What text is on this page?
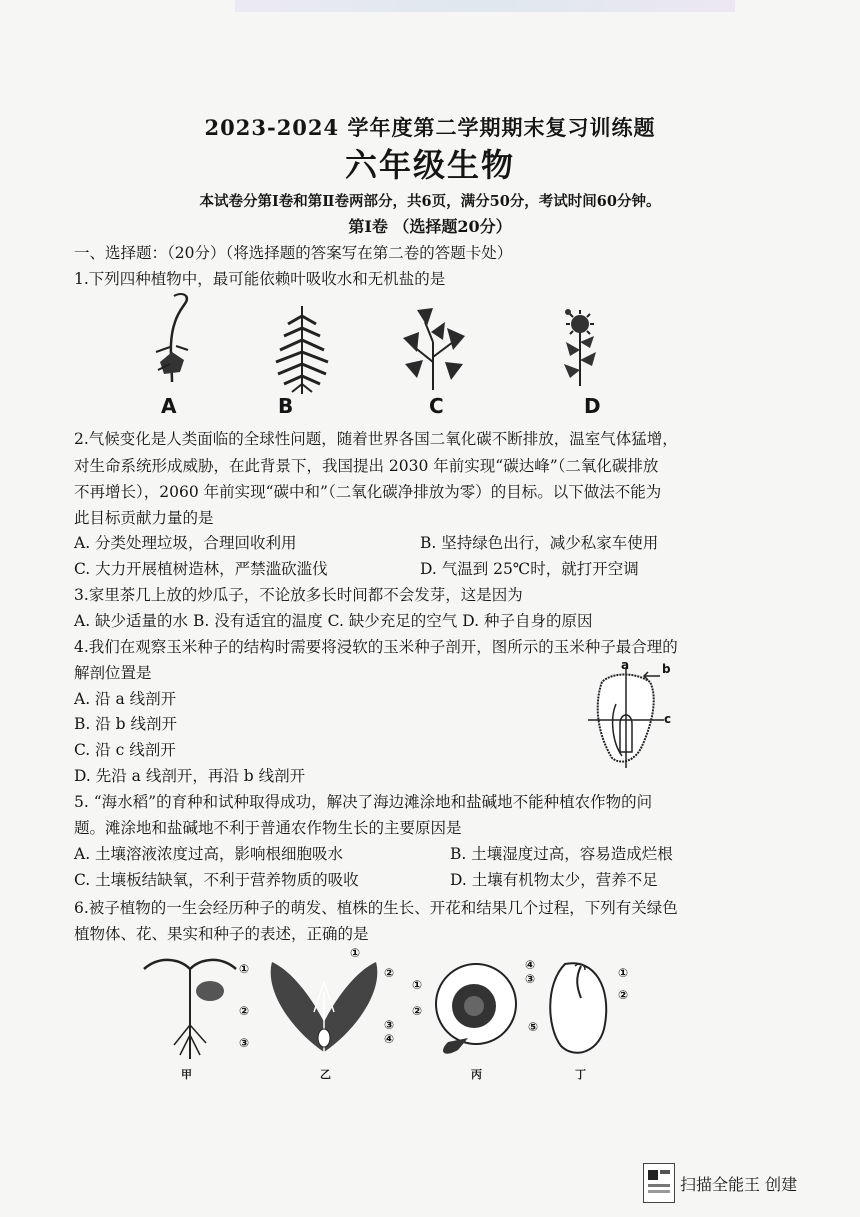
2023-2024 学年度第二学期期末复习训练题
六年级生物
本试卷分第Ⅰ卷和第Ⅱ卷两部分，共6页，满分50分，考试时间60分钟。
第Ⅰ卷 （选择题20分）
一、选择题：（20分）（将选择题的答案写在第二卷的答题卡处）
1.下列四种植物中，最可能依赖叶吸收水和无机盐的是
A	B	C	D
2.气候变化是人类面临的全球性问题，随着世界各国二氧化碳不断排放，温室气体猛增，
对生命系统形成威胁，在此背景下，我国提出 2030 年前实现“碳达峰”（二氧化碳排放
不再增长），2060 年前实现“碳中和”（二氧化碳净排放为零）的目标。以下做法不能为
此目标贡献力量的是
A. 分类处理垃圾，合理回收利用	B. 坚持绿色出行，减少私家车使用
C. 大力开展植树造林，严禁滥砍滥伐	D. 气温到 25℃时，就打开空调
3.家里茶几上放的炒瓜子，不论放多长时间都不会发芽，这是因为
A. 缺少适量的水 B. 没有适宜的温度 C. 缺少充足的空气 D. 种子自身的原因
4.我们在观察玉米种子的结构时需要将浸软的玉米种子剖开，图所示的玉米种子最合理的
解剖位置是
A. 沿 a 线剖开
B. 沿 b 线剖开
C. 沿 c 线剖开
D. 先沿 a 线剖开，再沿 b 线剖开
a	b
c
5. “海水稻”的育种和试种取得成功，解决了海边滩涂地和盐碱地不能种植农作物的问
题。滩涂地和盐碱地不利于普通农作物生长的主要原因是
A. 土壤溶液浓度过高，影响根细胞吸水	B. 土壤湿度过高，容易造成烂根
C. 土壤板结缺氧，不利于营养物质的吸收	D. 土壤有机物太少，营养不足
6.被子植物的一生会经历种子的萌发、植株的生长、开花和结果几个过程，下列有关绿色
植物体、花、果实和种子的表述，正确的是
①
②
③
①
②
③
④
①
②
④
③	①
②
⑤
甲	乙	丙	丁
扫描全能王 创建
